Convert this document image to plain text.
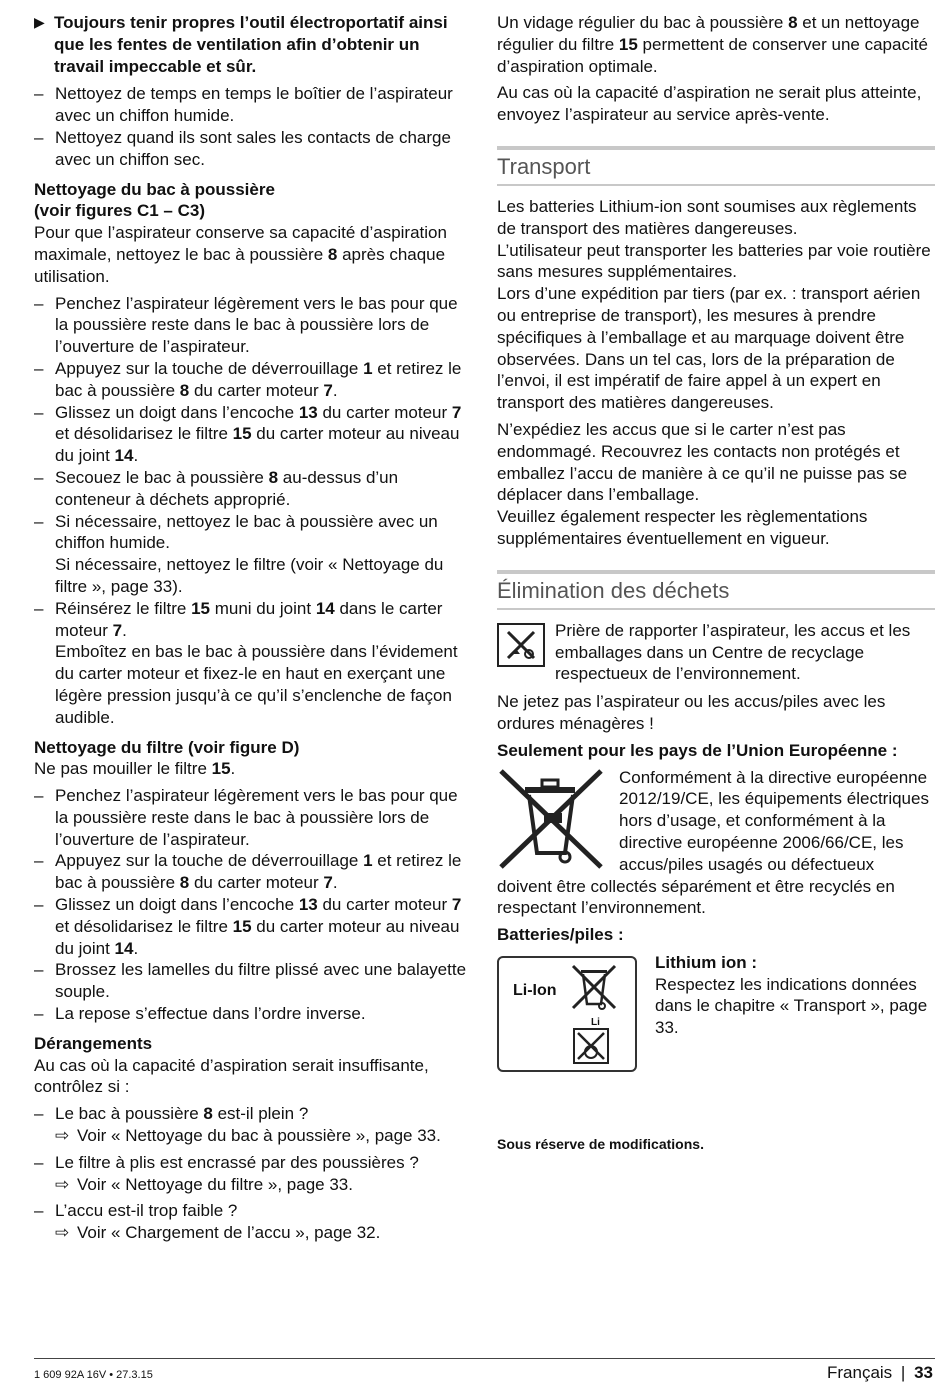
▶ Toujours tenir propres l’outil électroportatif ainsi que les fentes de ventilation afin d’obtenir un travail impeccable et sûr.
– Nettoyez de temps en temps le boîtier de l’aspirateur avec un chiffon humide.
– Nettoyez quand ils sont sales les contacts de charge avec un chiffon sec.

Nettoyage du bac à poussière
(voir figures C1 – C3)

Pour que l’aspirateur conserve sa capacité d’aspiration maximale, nettoyez le bac à poussière 8 après chaque utilisation.

– Penchez l’aspirateur légèrement vers le bas pour que la poussière reste dans le bac à poussière lors de l’ouverture de l’aspirateur.
– Appuyez sur la touche de déverrouillage 1 et retirez le bac à poussière 8 du carter moteur 7.
– Glissez un doigt dans l’encoche 13 du carter moteur 7 et désolidarisez le filtre 15 du carter moteur au niveau du joint 14.
– Secouez le bac à poussière 8 au-dessus d’un conteneur à déchets approprié.
– Si nécessaire, nettoyez le bac à poussière avec un chiffon humide.
Si nécessaire, nettoyez le filtre (voir « Nettoyage du filtre », page 33).
– Réinsérez le filtre 15 muni du joint 14 dans le carter moteur 7.
Emboîtez en bas le bac à poussière dans l’évidement du carter moteur et fixez-le en haut en exerçant une légère pression jusqu’à ce qu’il s’enclenche de façon audible.

Nettoyage du filtre (voir figure D)

Ne pas mouiller le filtre 15.

– Penchez l’aspirateur légèrement vers le bas pour que la poussière reste dans le bac à poussière lors de l’ouverture de l’aspirateur.
– Appuyez sur la touche de déverrouillage 1 et retirez le bac à poussière 8 du carter moteur 7.
– Glissez un doigt dans l’encoche 13 du carter moteur 7 et désolidarisez le filtre 15 du carter moteur au niveau du joint 14.
– Brossez les lamelles du filtre plissé avec une balayette souple.
– La repose s’effectue dans l’ordre inverse.

Dérangements

Au cas où la capacité d’aspiration serait insuffisante, contrôlez si :

– Le bac à poussière 8 est-il plein ?
⇨ Voir « Nettoyage du bac à poussière », page 33.
– Le filtre à plis est encrassé par des poussières ?
⇨ Voir « Nettoyage du filtre », page 33.
– L’accu est-il trop faible ?
⇨ Voir « Chargement de l’accu », page 32.

Un vidage régulier du bac à poussière 8 et un nettoyage régulier du filtre 15 permettent de conserver une capacité d’aspiration optimale.

Au cas où la capacité d’aspiration ne serait plus atteinte, envoyez l’aspirateur au service après-vente.

Transport

Les batteries Lithium-ion sont soumises aux règlements de transport des matières dangereuses.
L’utilisateur peut transporter les batteries par voie routière sans mesures supplémentaires.
Lors d’une expédition par tiers (par ex. : transport aérien ou entreprise de transport), les mesures à prendre spécifiques à l’emballage et au marquage doivent être observées. Dans un tel cas, lors de la préparation de l’envoi, il est impératif de faire appel à un expert en transport des matières dangereuses.

N’expédiez les accus que si le carter n’est pas endommagé. Recouvrez les contacts non protégés et emballez l’accu de manière à ce qu’il ne puisse pas se déplacer dans l’emballage.
Veuillez également respecter les règlementations supplémentaires éventuellement en vigueur.

Élimination des déchets
Prière de rapporter l’aspirateur, les accus et les emballages dans un Centre de recyclage respectueux de l’environnement.

Ne jetez pas l’aspirateur ou les accus/piles avec les ordures ménagères !

Seulement pour les pays de l’Union Européenne :

Conformément à la directive européenne 2012/19/CE, les équipements électriques hors d’usage, et conformément à la directive européenne 2006/66/CE, les accus/piles usagés ou défectueux

doivent être collectés séparément et être recyclés en respectant l’environnement.

Batteries/piles :

Li-Ion
Li
Lithium ion :
Respectez les indications données dans le chapitre « Transport », page 33.

Sous réserve de modifications.

1 609 92A 16V • 27.3.15	Français | 33
